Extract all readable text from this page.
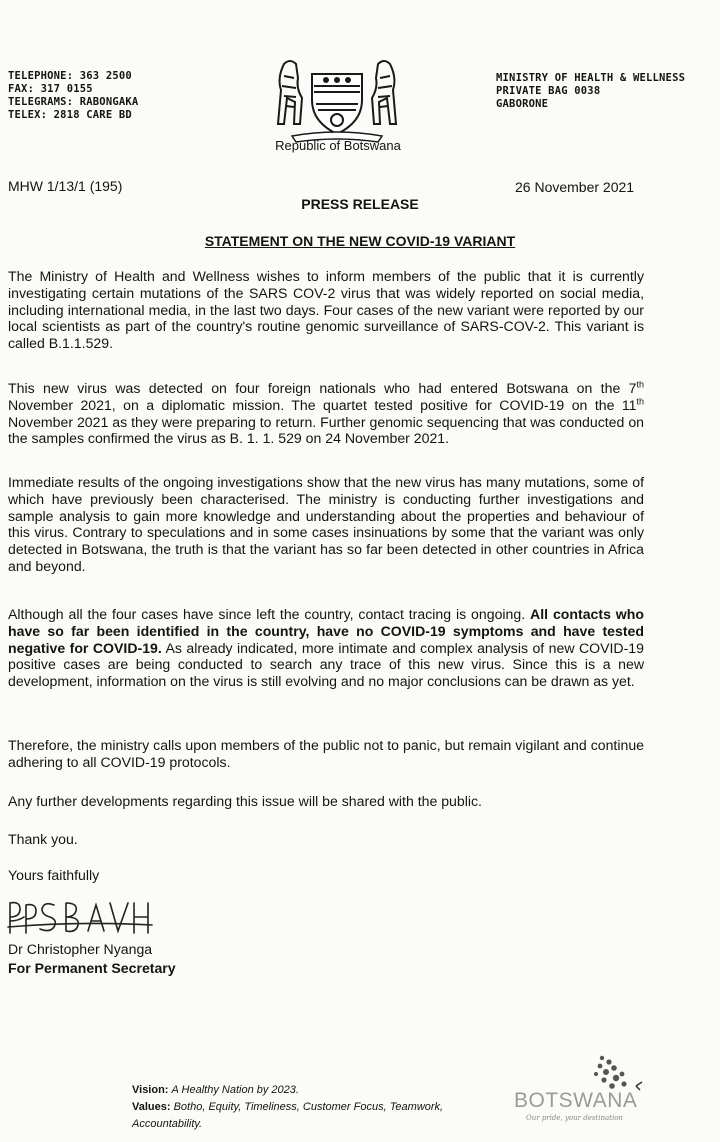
TELEPHONE: 363 2500
FAX: 317 0155
TELEGRAMS: RABONGAKA
TELEX: 2818 CARE BD
MINISTRY OF HEALTH & WELLNESS
PRIVATE BAG 0038
GABORONE
Republic of Botswana
MHW 1/13/1 (195)	26 November 2021
PRESS RELEASE
STATEMENT ON THE NEW COVID-19 VARIANT
The Ministry of Health and Wellness wishes to inform members of the public that it is currently investigating certain mutations of the SARS COV-2 virus that was widely reported on social media, including international media, in the last two days. Four cases of the new variant were reported by our local scientists as part of the country's routine genomic surveillance of SARS-COV-2. This variant is called B.1.1.529.
This new virus was detected on four foreign nationals who had entered Botswana on the 7th November 2021, on a diplomatic mission. The quartet tested positive for COVID-19 on the 11th November 2021 as they were preparing to return. Further genomic sequencing that was conducted on the samples confirmed the virus as B. 1. 1. 529 on 24 November 2021.
Immediate results of the ongoing investigations show that the new virus has many mutations, some of which have previously been characterised. The ministry is conducting further investigations and sample analysis to gain more knowledge and understanding about the properties and behaviour of this virus. Contrary to speculations and in some cases insinuations by some that the variant was only detected in Botswana, the truth is that the variant has so far been detected in other countries in Africa and beyond.
Although all the four cases have since left the country, contact tracing is ongoing. All contacts who have so far been identified in the country, have no COVID-19 symptoms and have tested negative for COVID-19. As already indicated, more intimate and complex analysis of new COVID-19 positive cases are being conducted to search any trace of this new virus. Since this is a new development, information on the virus is still evolving and no major conclusions can be drawn as yet.
Therefore, the ministry calls upon members of the public not to panic, but remain vigilant and continue adhering to all COVID-19 protocols.
Any further developments regarding this issue will be shared with the public.
Thank you.
Yours faithfully
Dr Christopher Nyanga
For Permanent Secretary
Vision: A Healthy Nation by 2023.
Values: Botho, Equity, Timeliness, Customer Focus, Teamwork, Accountability.
BOTSWANA
Our pride, your destination
